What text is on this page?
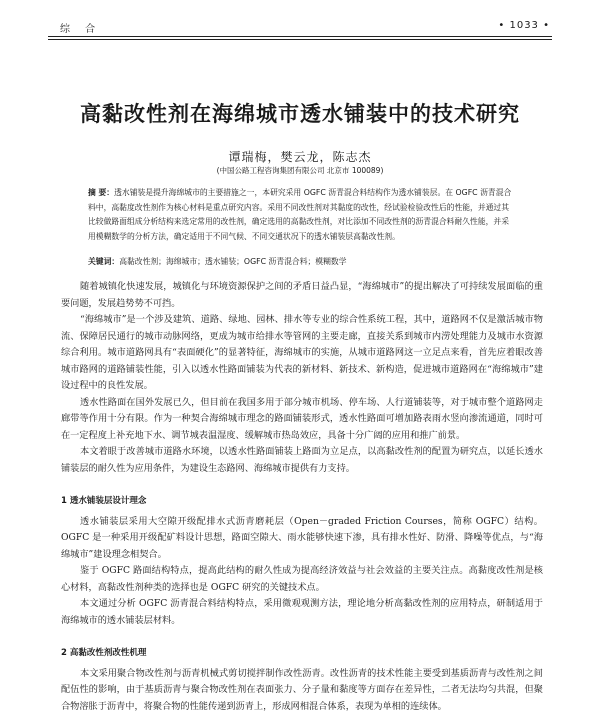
综 合	• 1033 •
高黏改性剂在海绵城市透水铺装中的技术研究
谭瑞梅，樊云龙，陈志杰
(中国公路工程咨询集团有限公司 北京市 100089)
摘 要：透水铺装是提升海绵城市的主要措施之一，本研究采用 OGFC 沥青混合料结构作为透水铺装层。在 OGFC 沥青混合料中，高黏度改性剂作为核心材料是重点研究内容。采用不同改性剂对其黏度的改性，经试验检验改性后的性能，并通过其比较做路面组成分析结构来选定常用的改性剂，确定选用的高黏改性剂，对比添加不同改性剂的沥青混合料耐久性能，并采用模糊数学的分析方法，确定适用于不同气候、不同交通状况下的透水铺装层高黏改性剂。
关键词：高黏改性剂；海绵城市；透水铺装；OGFC 沥青混合料；模糊数学

随着城镇化快速发展，城镇化与环境资源保护之间的矛盾日益凸显，“海绵城市”的提出解决了可持续发展面临的重要问题，发展趋势势不可挡。

“海绵城市”是一个涉及建筑、道路、绿地、园林、排水等专业的综合性系统工程，其中，道路网不仅是激活城市物流、保障居民通行的城市动脉网络，更成为城市给排水等管网的主要走廊，直接关系到城市内涝处理能力及城市水资源综合利用。城市道路网具有“表面硬化”的显著特征，海绵城市的实施，从城市道路网这一立足点来看，首先应着眼改善城市路网的道路铺装性能，引入以透水性路面铺装为代表的新材料、新技术、新构造，促进城市道路网在“海绵城市”建设过程中的良性发展。

透水性路面在国外发展已久，但目前在我国多用于部分城市机场、停车场、人行道铺装等，对于城市整个道路网走廊带等作用十分有限。作为一种契合海绵城市理念的路面铺装形式，透水性路面可增加路表雨水竖向渗流通道，同时可在一定程度上补充地下水、调节城表温湿度、缓解城市热岛效应，具备十分广阔的应用和推广前景。

本文着眼于改善城市道路水环境，以透水性路面铺装上路面为立足点，以高黏改性剂的配置为研究点，以延长透水铺装层的耐久性为应用条件，为建设生态路网、海绵城市提供有力支持。

1 透水铺装层设计理念

透水铺装层采用大空隙开级配排水式沥青磨耗层（Open－graded Friction Courses，简称 OGFC）结构。OGFC 是一种采用开级配矿料设计思想，路面空隙大、雨水能够快速下渗，具有排水性好、防滑、降噪等优点，与“海绵城市”建设理念相契合。

鉴于 OGFC 路面结构特点，提高此结构的耐久性成为提高经济效益与社会效益的主要关注点。高黏度改性剂是核心材料，高黏改性剂种类的选择也是 OGFC 研究的关键技术点。

本文通过分析 OGFC 沥青混合料结构特点，采用微观观测方法，理论地分析高黏改性剂的应用特点，研制适用于海绵城市的透水铺装层材料。

2 高黏改性剂改性机理

本文采用聚合物改性剂与沥青机械式剪切搅拌制作改性沥青。改性沥青的技术性能主要受到基质沥青与改性剂之间配伍性的影响，由于基质沥青与聚合物改性剂在表面张力、分子量和黏度等方面存在差异性，二者无法均匀共混，但聚合物溶胀于沥青中，将聚合物的性能传递到沥青上，形成网相混合体系，表现为单相的连续体。
